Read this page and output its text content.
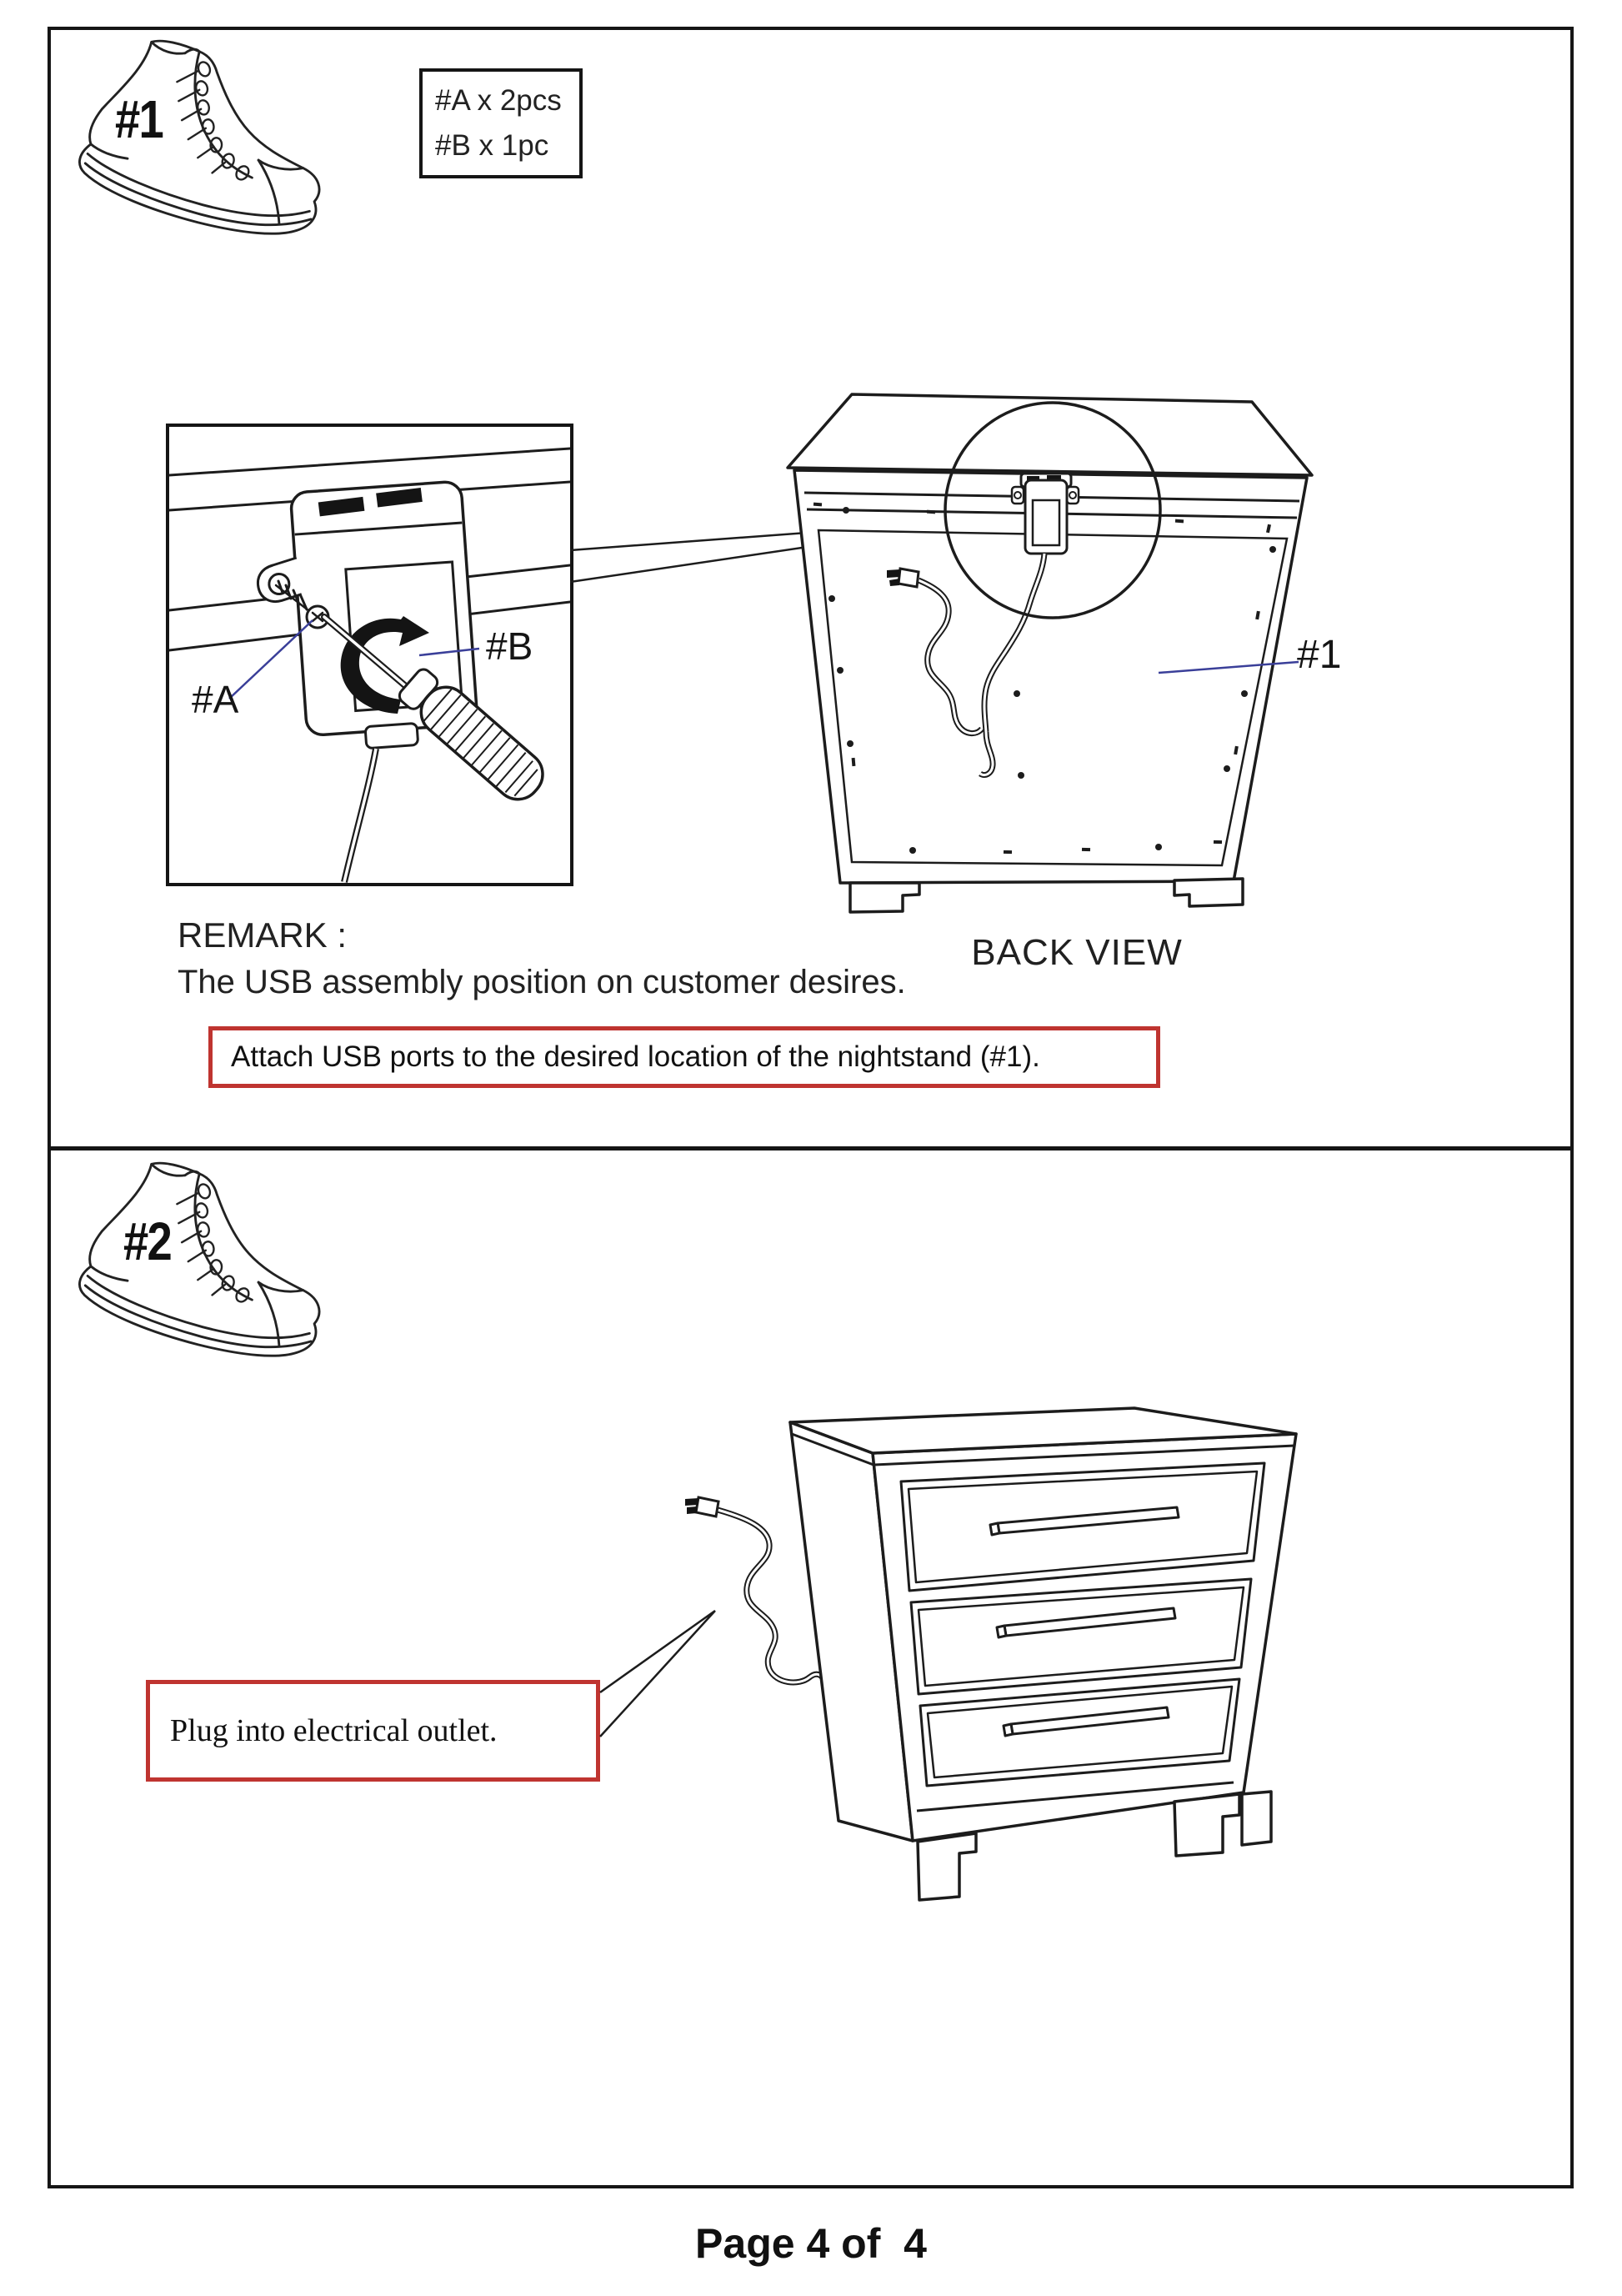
#1	#A x 2pcs
#B x 1pc
#A
#B	#1
BACK VIEW
REMARK :
The USB assembly position on customer desires.
Attach USB ports to the desired location of the nightstand (#1).
#2
Plug into electrical outlet.
Page 4 of  4
